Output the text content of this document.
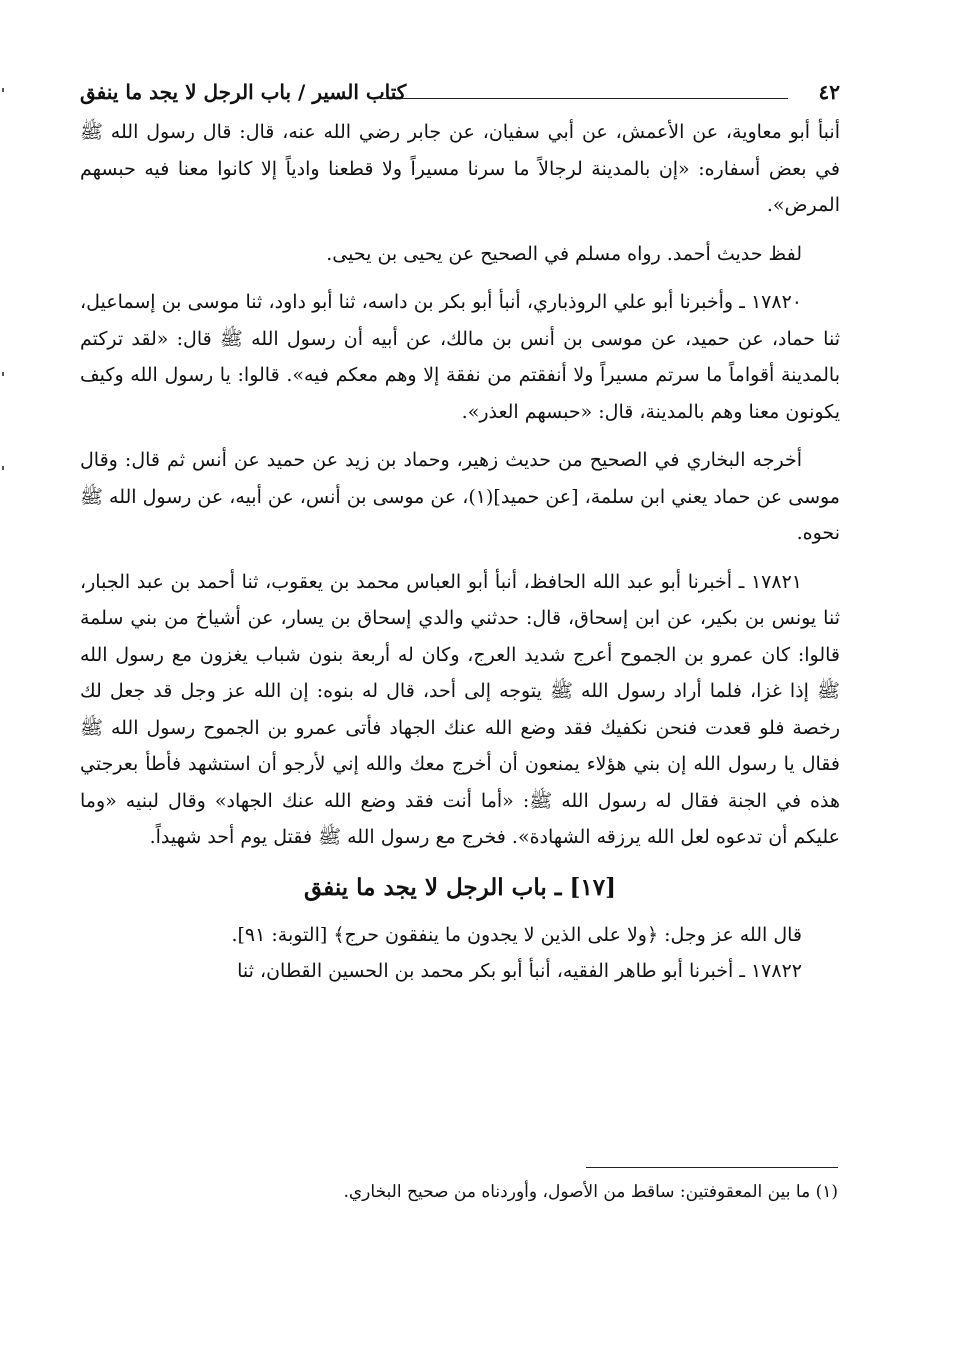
٤٢
كتاب السير / باب الرجل لا يجد ما ينفق

أنبأ أبو معاوية، عن الأعمش، عن أبي سفيان، عن جابر رضي الله عنه، قال: قال رسول الله ﷺ في بعض أسفاره: «إن بالمدينة لرجالاً ما سرنا مسيراً ولا قطعنا وادياً إلا كانوا معنا فيه حبسهم المرض».

لفظ حديث أحمد. رواه مسلم في الصحيح عن يحيى بن يحيى.

١٧٨٢٠ ـ وأخبرنا أبو علي الروذباري، أنبأ أبو بكر بن داسه، ثنا أبو داود، ثنا موسى بن إسماعيل، ثنا حماد، عن حميد، عن موسى بن أنس بن مالك، عن أبيه أن رسول الله ﷺ قال: «لقد تركتم بالمدينة أقواماً ما سرتم مسيراً ولا أنفقتم من نفقة إلا وهم معكم فيه». قالوا: يا رسول الله وكيف يكونون معنا وهم بالمدينة، قال: «حبسهم العذر».

أخرجه البخاري في الصحيح من حديث زهير، وحماد بن زيد عن حميد عن أنس ثم قال: وقال موسى عن حماد يعني ابن سلمة، [عن حميد](١)، عن موسى بن أنس، عن أبيه، عن رسول الله ﷺ نحوه.

١٧٨٢١ ـ أخبرنا أبو عبد الله الحافظ، أنبأ أبو العباس محمد بن يعقوب، ثنا أحمد بن عبد الجبار، ثنا يونس بن بكير، عن ابن إسحاق، قال: حدثني والدي إسحاق بن يسار، عن أشياخ من بني سلمة قالوا: كان عمرو بن الجموح أعرج شديد العرج، وكان له أربعة بنون شباب يغزون مع رسول الله ﷺ إذا غزا، فلما أراد رسول الله ﷺ يتوجه إلى أحد، قال له بنوه: إن الله عز وجل قد جعل لك رخصة فلو قعدت فنحن نكفيك فقد وضع الله عنك الجهاد فأتى عمرو بن الجموح رسول الله ﷺ فقال يا رسول الله إن بني هؤلاء يمنعون أن أخرج معك والله إني لأرجو أن استشهد فأطأ بعرجتي هذه في الجنة فقال له رسول الله ﷺ: «أما أنت فقد وضع الله عنك الجهاد» وقال لبنيه «وما عليكم أن تدعوه لعل الله يرزقه الشهادة». فخرج مع رسول الله ﷺ فقتل يوم أحد شهيداً.

[١٧] ـ باب الرجل لا يجد ما ينفق

قال الله عز وجل: ﴿ولا على الذين لا يجدون ما ينفقون حرج﴾ [التوبة: ٩١].

١٧٨٢٢ ـ أخبرنا أبو طاهر الفقيه، أنبأ أبو بكر محمد بن الحسين القطان، ثنا

(١) ما بين المعقوفتين: ساقط من الأصول، وأوردناه من صحيح البخاري.
